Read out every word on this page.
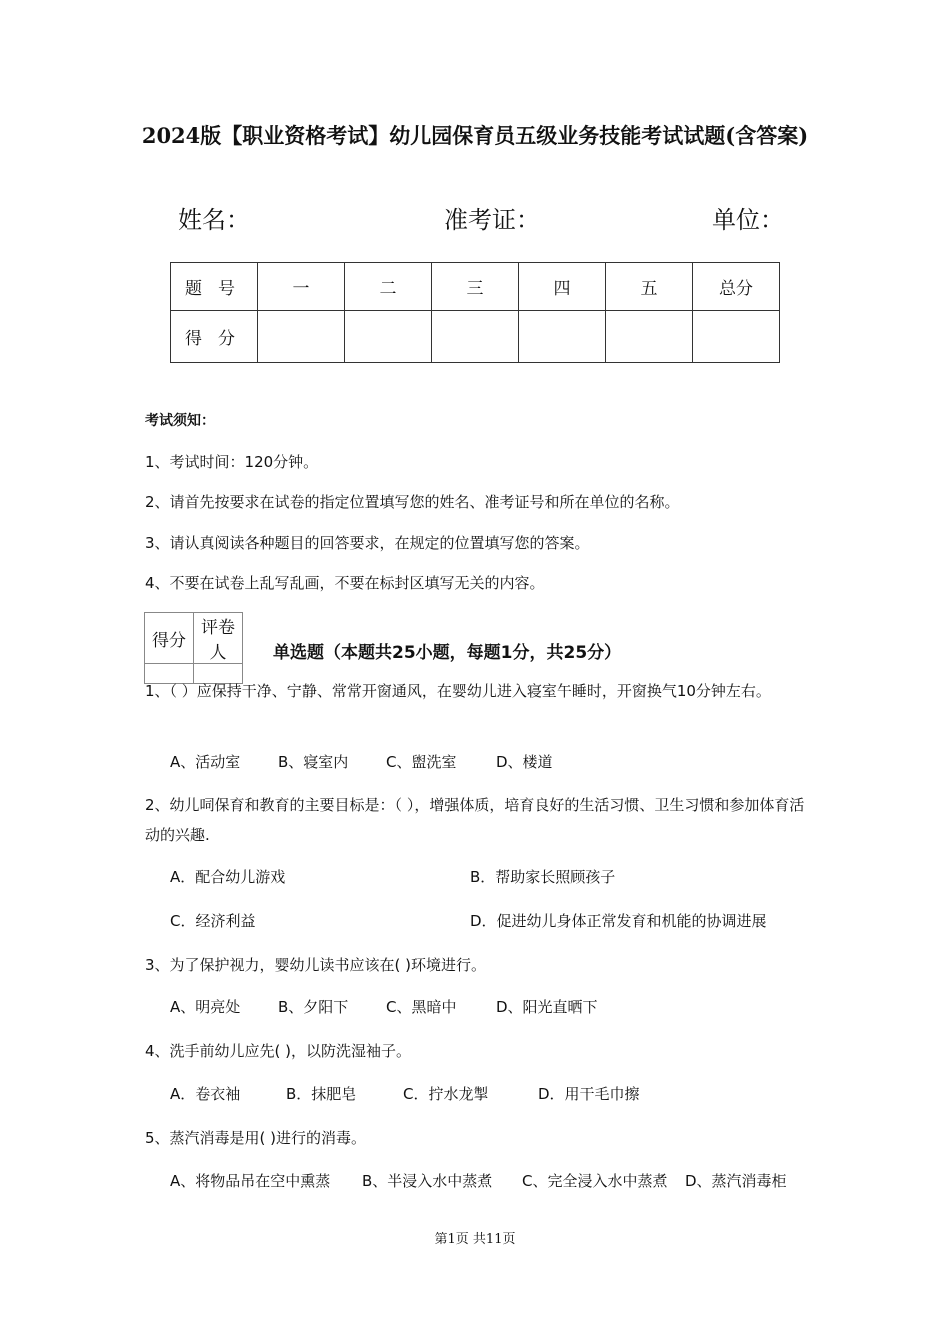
2024版【职业资格考试】幼儿园保育员五级业务技能考试试题(含答案)
姓名：	准考证：	单位：
题号	一	二	三	四	五	总分
得分						
考试须知：
1、考试时间：120分钟。
2、请首先按要求在试卷的指定位置填写您的姓名、准考证号和所在单位的名称。
3、请认真阅读各种题目的回答要求，在规定的位置填写您的答案。
4、不要在试卷上乱写乱画，不要在标封区填写无关的内容。
得分	评卷人
		单选题（本题共25小题，每题1分，共25分）
1、（ ）应保持干净、宁静、常常开窗通风，在婴幼儿进入寝室午睡时，开窗换气10分钟左右。
A、活动室	B、寝室内	C、盥洗室	D、楼道
2、幼儿呞保育和教育的主要目标是：（ ），增强体质，培育良好的生活习惯、卫生习惯和参加体育活动的兴趣.
A．配合幼儿游戏	B．帮助家长照顾孩子
C．经济利益	D．促进幼儿身体正常发育和机能的协调进展
3、为了保护视力，婴幼儿读书应该在( )环境进行。
A、明亮处	B、夕阳下	C、黑暗中	D、阳光直晒下
4、洗手前幼儿应先( )，以防洗湿袖子。
A．卷衣袖	B．抹肥皂	C．拧水龙掣	D．用干毛巾擦
5、蒸汽消毒是用( )进行的消毒。
A、将物品吊在空中熏蒸 B、半浸入水中蒸煮 C、完全浸入水中蒸煮 D、蒸汽消毒柜
第1页 共11页
